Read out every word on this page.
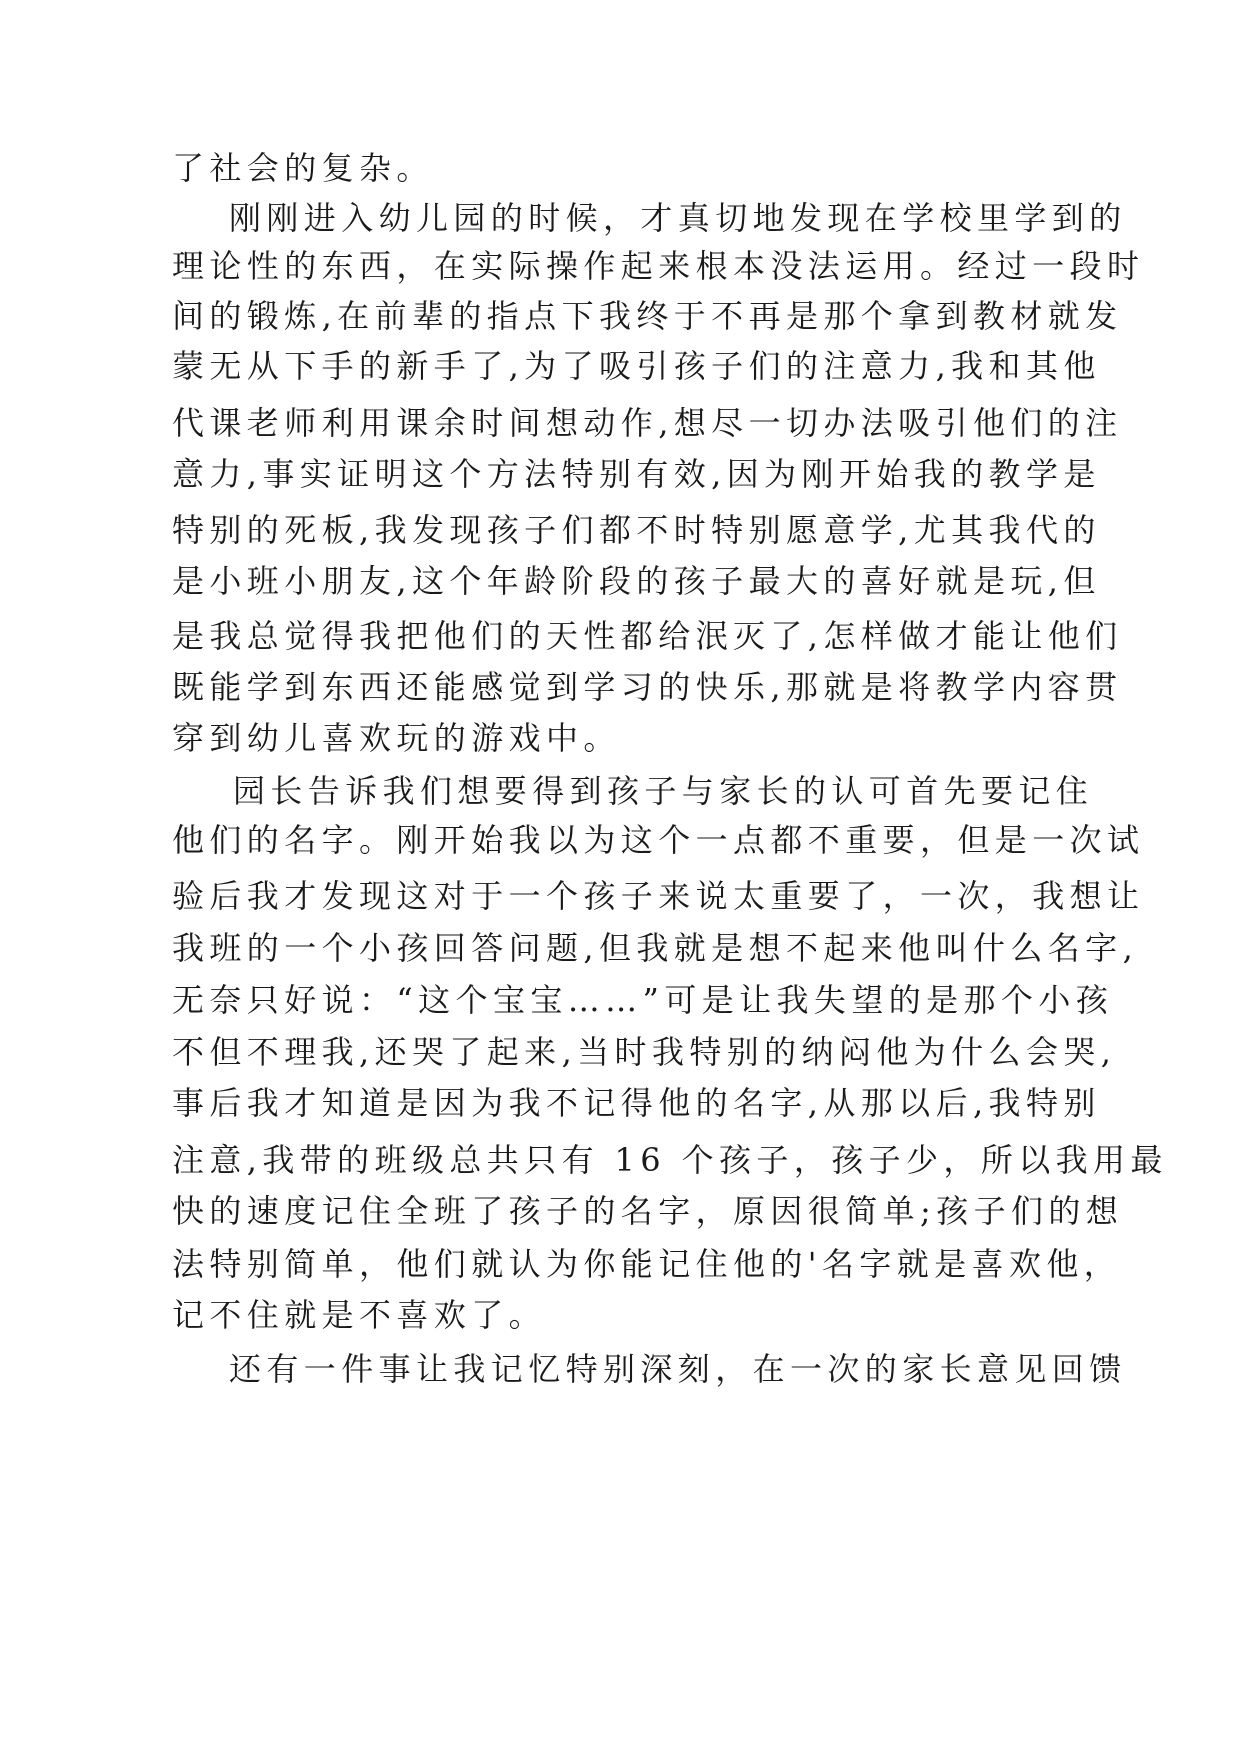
了社会的复杂。
刚刚进入幼儿园的时候，才真切地发现在学校里学到的
理论性的东西，在实际操作起来根本没法运用。经过一段时
间的锻炼,在前辈的指点下我终于不再是那个拿到教材就发
蒙无从下手的新手了,为了吸引孩子们的注意力,我和其他
代课老师利用课余时间想动作,想尽一切办法吸引他们的注
意力,事实证明这个方法特别有效,因为刚开始我的教学是
特别的死板,我发现孩子们都不时特别愿意学,尤其我代的
是小班小朋友,这个年龄阶段的孩子最大的喜好就是玩,但
是我总觉得我把他们的天性都给泯灭了,怎样做才能让他们
既能学到东西还能感觉到学习的快乐,那就是将教学内容贯
穿到幼儿喜欢玩的游戏中。
园长告诉我们想要得到孩子与家长的认可首先要记住
他们的名字。刚开始我以为这个一点都不重要，但是一次试
验后我才发现这对于一个孩子来说太重要了，一次，我想让
我班的一个小孩回答问题,但我就是想不起来他叫什么名字,
无奈只好说：“这个宝宝……”可是让我失望的是那个小孩
不但不理我,还哭了起来,当时我特别的纳闷他为什么会哭,
事后我才知道是因为我不记得他的名字,从那以后,我特别
注意,我带的班级总共只有 16 个孩子，孩子少，所以我用最
快的速度记住全班了孩子的名字，原因很简单;孩子们的想
法特别简单，他们就认为你能记住他的'名字就是喜欢他，
记不住就是不喜欢了。
还有一件事让我记忆特别深刻，在一次的家长意见回馈
